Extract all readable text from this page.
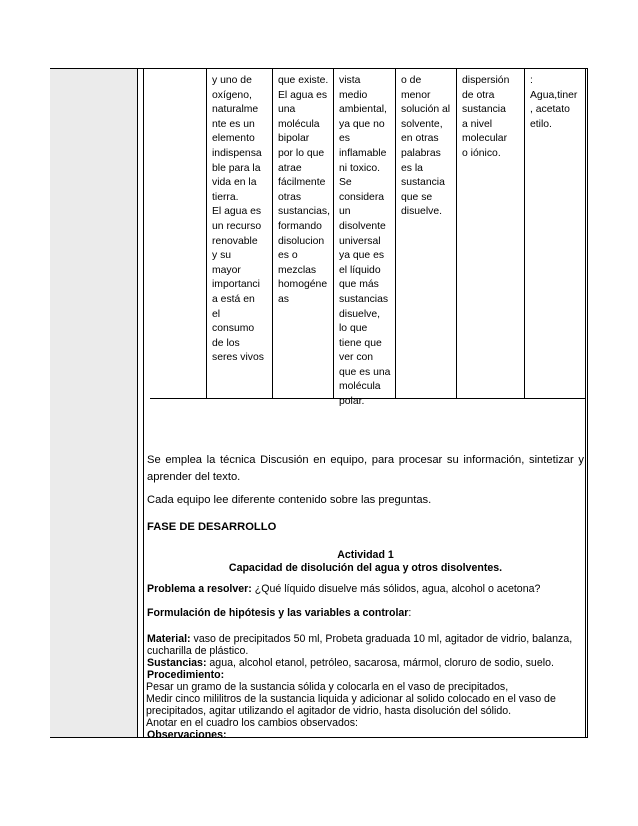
y uno de
oxígeno,
naturalme
nte es un
elemento
indispensa
ble para la
vida en la
tierra.
El agua es
un recurso
renovable
y su
mayor
importanci
a está en
el
consumo
de los
seres vivos
que existe.
El agua es
una
molécula
bipolar
por lo que
atrae
fácilmente
otras
sustancias,
formando
disolucion
es o
mezclas
homogéne
as
vista
medio
ambiental,
ya que no
es
inflamable
ni toxico.
Se
considera
un
disolvente
universal
ya que es
el líquido
que más
sustancias
disuelve,
lo que
tiene que
ver con
que es una
molécula
polar.
o de
menor
solución al
solvente,
en otras
palabras
es la
sustancia
que se
disuelve.
dispersión
de otra
sustancia
a nivel
molecular
o iónico.
:
Agua,tiner
, acetato
etilo.
Se emplea la técnica Discusión en equipo, para procesar su información, sintetizar y aprender del texto.
Cada equipo lee diferente contenido sobre las preguntas.
FASE DE DESARROLLO
Actividad 1
Capacidad de disolución del agua y otros disolventes.
Problema a resolver: ¿Qué líquido disuelve más sólidos, agua, alcohol o acetona?
Formulación de hipótesis y las variables a controlar:
Material: vaso de precipitados 50 ml, Probeta graduada 10 ml, agitador de vidrio, balanza,
cucharilla de plástico.
Sustancias: agua, alcohol etanol, petróleo, sacarosa, mármol, cloruro de sodio, suelo.
Procedimiento:
Pesar un gramo de la sustancia sólida y colocarla en el vaso de precipitados,
Medir cinco mililitros de la sustancia liquida y adicionar al solido colocado en el vaso de
precipitados, agitar utilizando el agitador de vidrio, hasta disolución del sólido.
Anotar en el cuadro los cambios observados:
Observaciones:
